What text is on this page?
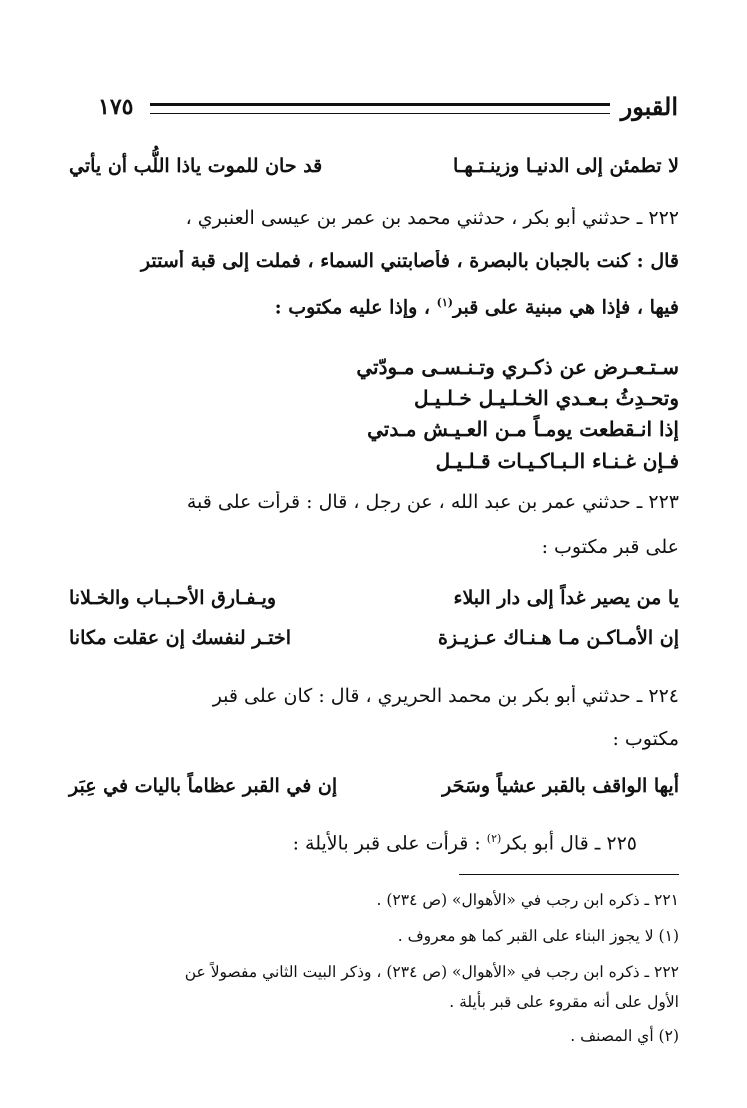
القبور
١٧٥
لا تطمئن إلى الدنيـا وزينـتـهـا
قد حان للموت ياذا اللُّب أن يأتي
٢٢٢ ـ حدثني أبو بكر ، حدثني محمد بن عمر بن عيسى العنبري ،
قال : كنت بالجبان بالبصرة ، فأصابتني السماء ، فملت إلى قبة أستتر
فيها ، فإذا هي مبنية على قبر$^{(١)}$ ، وإذا عليه مكتوب :
سـتـعـرض عن ذكـري وتـنـسـى مـودّتي
وتحـدِثُ بـعـدي الخـلـيـل خـلـيـل
إذا انـقطعت يومـاً مـن العـيـش مـدتي
فـإن غـنـاء الـبـاكـيـات قـلـيـل
٢٢٣ ـ حدثني عمر بن عبد الله ، عن رجل ، قال : قرأت على قبة
على قبر مكتوب :
يا من يصير غداً إلى دار البلاء
ويـفـارق الأحـبـاب والخـلانا
إن الأمـاكـن مـا هـنـاك عـزيـزة
اختـر لنفسك إن عقلت مكانا
٢٢٤ ـ حدثني أبو بكر بن محمد الحريري ، قال : كان على قبر
مكتوب :
أيها الواقف بالقبر عشياً وسَحَر
إن في القبر عظاماً باليات في عِبَر
٢٢٥ ـ قال أبو بكر$^{(٢)}$ : قرأت على قبر بالأيلة :
٢٢١ ـ ذكره ابن رجب في «الأهوال» (ص ٢٣٤) .
(١) لا يجوز البناء على القبر كما هو معروف .
٢٢٢ ـ ذكره ابن رجب في «الأهوال» (ص ٢٣٤) ، وذكر البيت الثاني مفصولاً عن
الأول على أنه مقروء على قبر بأيلة .
(٢) أي المصنف .
